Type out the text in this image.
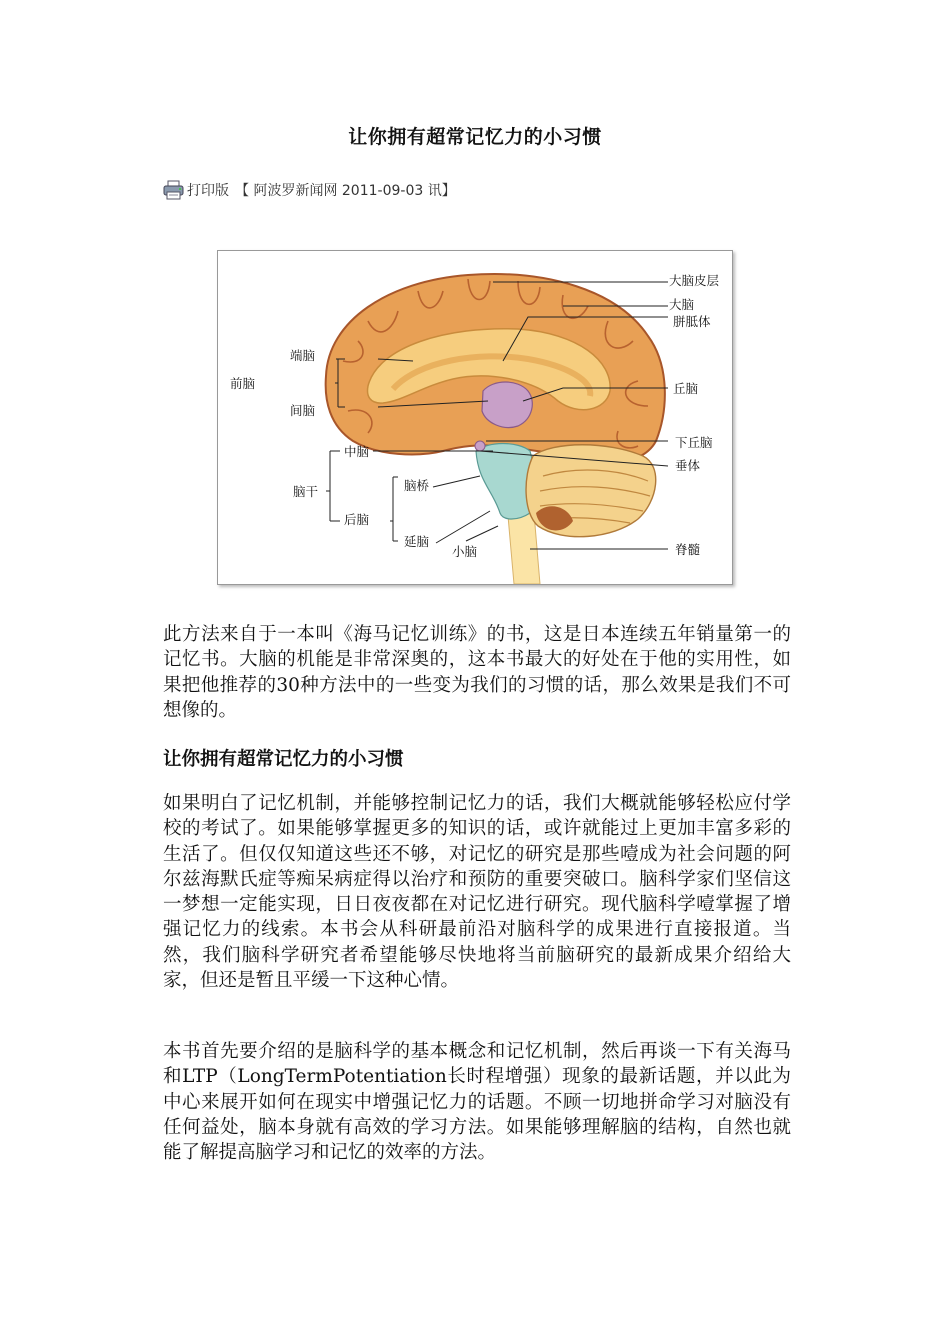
让你拥有超常记忆力的小习惯
打印版 【 阿波罗新闻网 2011-09-03 讯】
大脑皮层
大脑
胼胝体
丘脑
下丘脑
垂体
脊髓
前脑
端脑
间脑
中脑
脑干
后脑
脑桥
延脑
小脑

此方法来自于一本叫《海马记忆训练》的书，这是日本连续五年销量第一的记忆书。大脑的机能是非常深奥的，这本书最大的好处在于他的实用性，如果把他推荐的30种方法中的一些变为我们的习惯的话，那么效果是我们不可想像的。

让你拥有超常记忆力的小习惯

如果明白了记忆机制，并能够控制记忆力的话，我们大概就能够轻松应付学校的考试了。如果能够掌握更多的知识的话，或许就能过上更加丰富多彩的生活了。但仅仅知道这些还不够，对记忆的研究是那些噎成为社会问题的阿尔兹海默氏症等痴呆病症得以治疗和预防的重要突破口。脑科学家们坚信这一梦想一定能实现，日日夜夜都在对记忆进行研究。现代脑科学噎掌握了增强记忆力的线索。本书会从科研最前沿对脑科学的成果进行直接报道。当然，我们脑科学研究者希望能够尽快地将当前脑研究的最新成果介绍给大家，但还是暂且平缓一下这种心情。

本书首先要介绍的是脑科学的基本概念和记忆机制，然后再谈一下有关海马和LTP（LongTermPotentiation长时程增强）现象的最新话题，并以此为中心来展开如何在现实中增强记忆力的话题。不顾一切地拼命学习对脑没有任何益处，脑本身就有高效的学习方法。如果能够理解脑的结构，自然也就能了解提高脑学习和记忆的效率的方法。
